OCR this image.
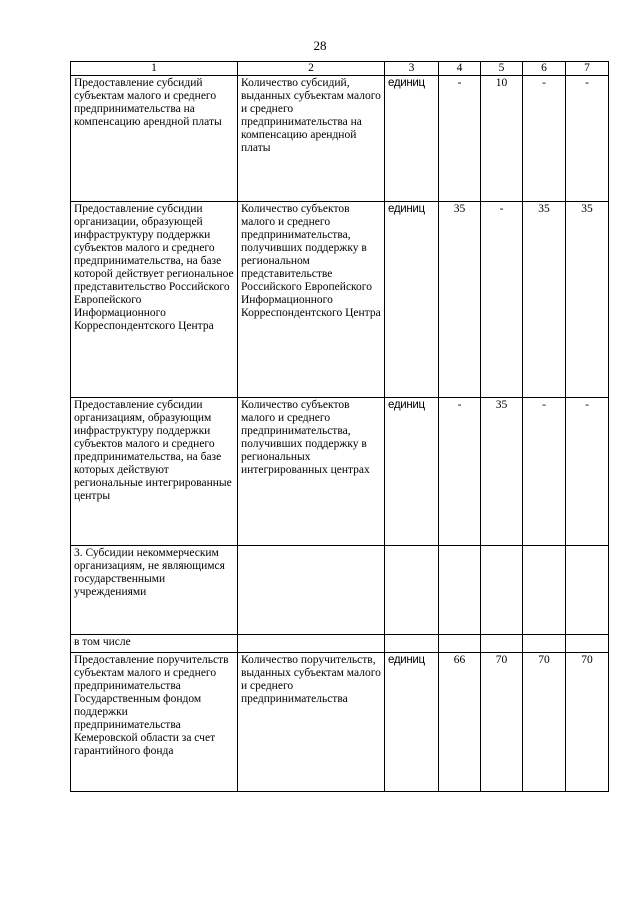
28
1	2	3	4	5	6	7
Предоставление субсидий субъектам малого и среднего предпринимательства на компенсацию арендной платы	Количество субсидий, выданных субъектам малого и среднего предпринимательства на компенсацию арендной платы	единиц	-	10	-	-
Предоставление субсидии организации, образующей инфраструктуру поддержки субъектов малого и среднего предпринимательства, на базе которой действует региональное представительство Российского Европейского Информационного Корреспондентского Центра	Количество субъектов малого и среднего предпринимательства, получивших поддержку в региональном представительстве Российского Европейского Информационного Корреспондентского Центра	единиц	35	-	35	35
Предоставление субсидии организациям, образующим инфраструктуру поддержки субъектов малого и среднего предпринимательства, на базе которых действуют региональные интегрированные центры	Количество субъектов малого и среднего предпринимательства, получивших поддержку в региональных интегрированных центрах	единиц	-	35	-	-
3. Субсидии некоммерческим организациям, не являющимся государственными учреждениями						
в том числе						
Предоставление поручительств субъектам малого и среднего предпринимательства Государственным фондом поддержки предпринимательства Кемеровской области за счет гарантийного фонда	Количество поручительств, выданных субъектам малого и среднего предпринимательства	единиц	66	70	70	70
